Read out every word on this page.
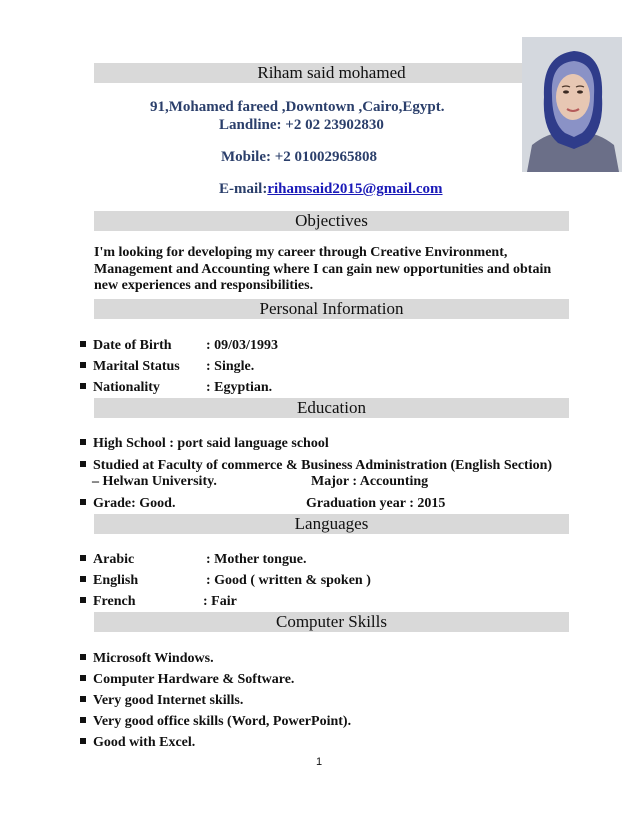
Riham said mohamed
91,Mohamed fareed ,Downtown ,Cairo,Egypt.
Landline: +2 02 23902830
Mobile: +2 01002965808
E-mail:rihamsaid2015@gmail.com
Objectives
I'm looking for developing my career through Creative Environment, Management and Accounting where I can gain new opportunities and obtain new experiences and responsibilities.
Personal Information
Date of Birth : 09/03/1993
Marital Status : Single.
Nationality	: Egyptian.
Education
High School : port said language school
Studied at Faculty of commerce & Business Administration (English Section)
– Helwan University.	Major : Accounting
Grade: Good.	Graduation year : 2015
Languages
Arabic	: Mother tongue.
English	: Good ( written & spoken )
French	: Fair
Computer Skills
Microsoft Windows.
Computer Hardware & Software.
Very good Internet skills.
Very good office skills (Word, PowerPoint).
Good with Excel.
1
